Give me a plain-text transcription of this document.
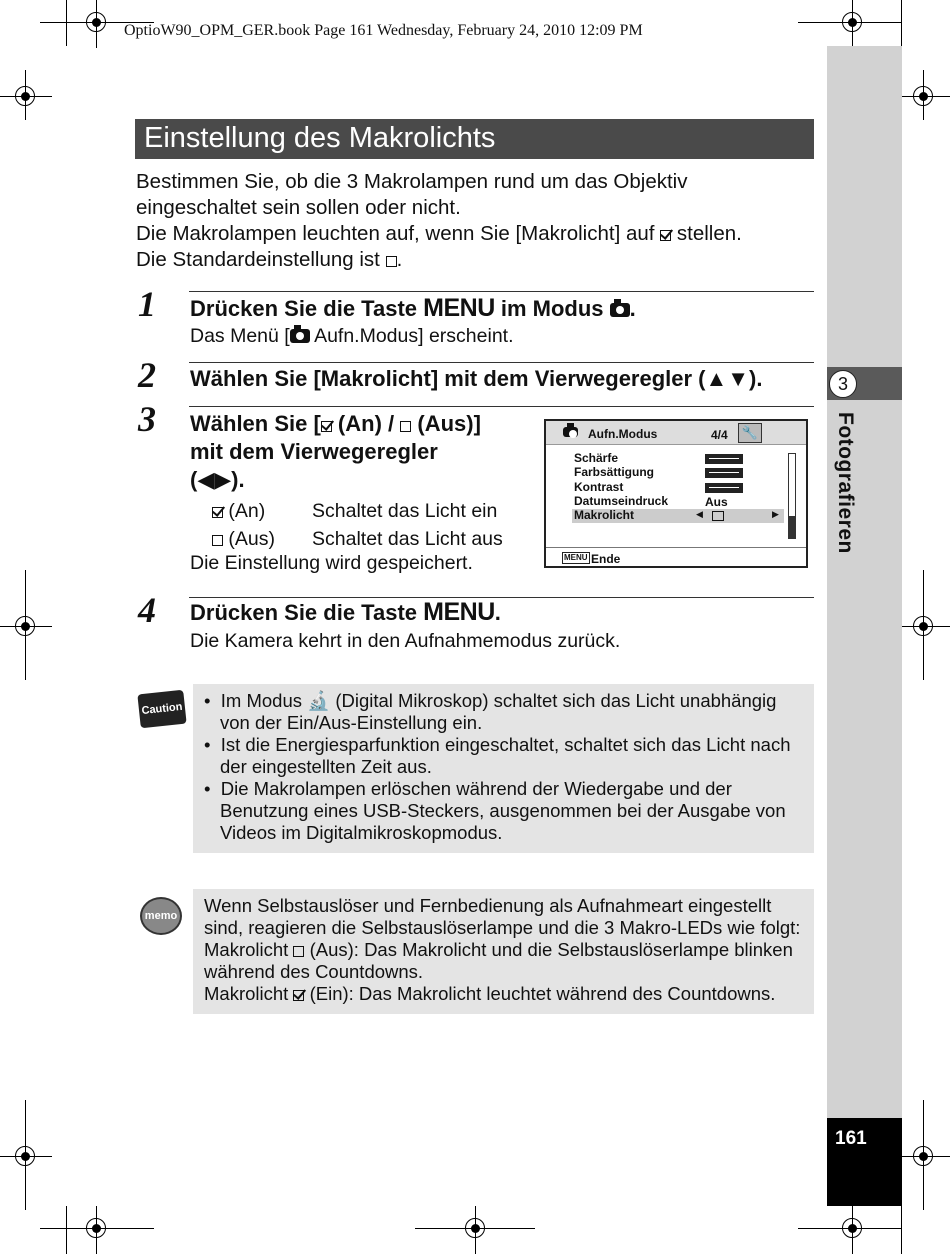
OptioW90_OPM_GER.book Page 161 Wednesday, February 24, 2010 12:09 PM
3
Fotografieren
161
Einstellung des Makrolichts
Bestimmen Sie, ob die 3 Makrolampen rund um das Objektiv
eingeschaltet sein sollen oder nicht.
Die Makrolampen leuchten auf, wenn Sie [Makrolicht] auf stellen.
Die Standardeinstellung ist .
1 Drücken Sie die Taste MENU im Modus .
Das Menü [ Aufn.Modus] erscheint.
2 Wählen Sie [Makrolicht] mit dem Vierwegeregler (▲▼).
3 Wählen Sie [ (An) / (Aus)]
mit dem Vierwegeregler
(◀▶).
(An) Schaltet das Licht ein
(Aus) Schaltet das Licht aus
Die Einstellung wird gespeichert.
Aufn.Modus	4/4	🔧
Schärfe
Farbsättigung
Kontrast
Datumseindruck
Makrolicht
Aus
◀	▶
MENU Ende
4 Drücken Sie die Taste MENU.
Die Kamera kehrt in den Aufnahmemodus zurück.
Caution •  Im Modus 🔬 (Digital Mikroskop) schaltet sich das Licht unabhängig
von der Ein/Aus-Einstellung ein.
•  Ist die Energiesparfunktion eingeschaltet, schaltet sich das Licht nach
der eingestellten Zeit aus.
•  Die Makrolampen erlöschen während der Wiedergabe und der
Benutzung eines USB-Steckers, ausgenommen bei der Ausgabe von
Videos im Digitalmikroskopmodus.
memo Wenn Selbstauslöser und Fernbedienung als Aufnahmeart eingestellt
sind, reagieren die Selbstauslöserlampe und die 3 Makro-LEDs wie folgt:
Makrolicht (Aus): Das Makrolicht und die Selbstauslöserlampe blinken
während des Countdowns.
Makrolicht (Ein): Das Makrolicht leuchtet während des Countdowns.
